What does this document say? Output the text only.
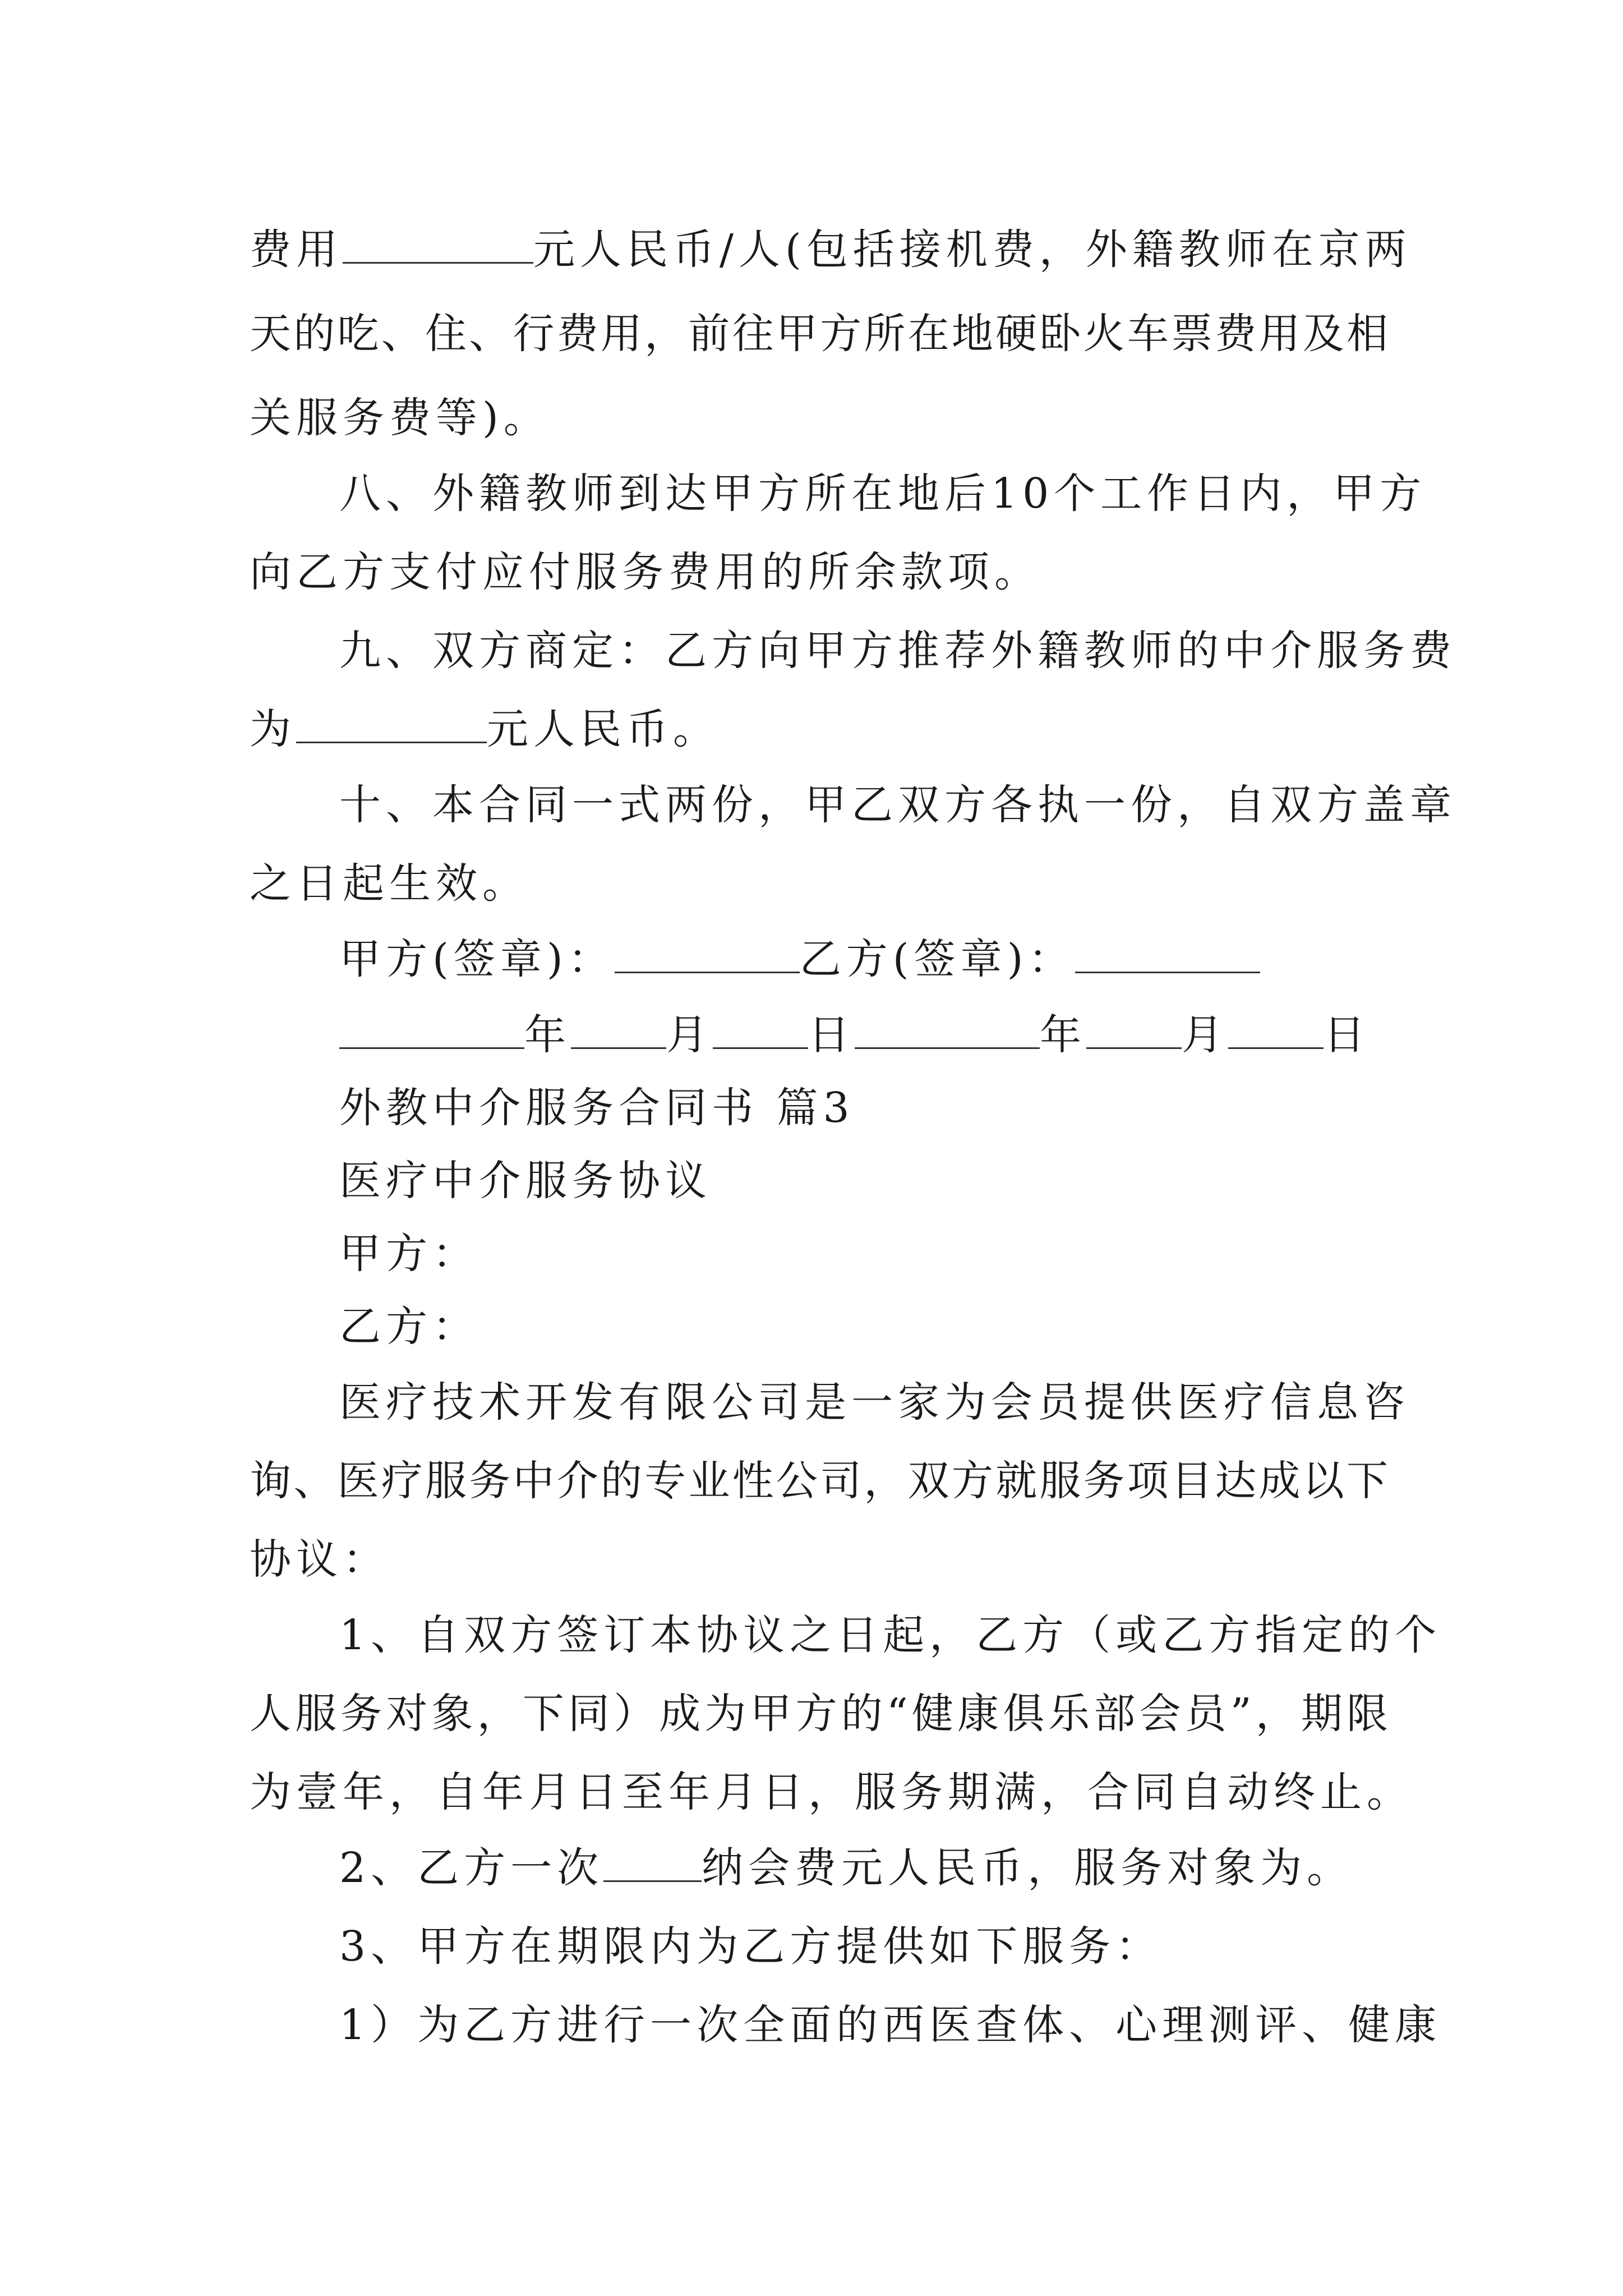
费用	元人民币/人(包括接机费，外籍教师在京两
天的吃、住、行费用，前往甲方所在地硬卧火车票费用及相
关服务费等)。
八、外籍教师到达甲方所在地后10个工作日内，甲方
向乙方支付应付服务费用的所余款项。
九、双方商定：乙方向甲方推荐外籍教师的中介服务费
为	元人民币。
十、本合同一式两份，甲乙双方各执一份，自双方盖章
之日起生效。
甲方(签章)：	乙方(签章)：
年 月 日	年 月 日
外教中介服务合同书 篇3
医疗中介服务协议
甲方：
乙方：
医疗技术开发有限公司是一家为会员提供医疗信息咨
询、医疗服务中介的专业性公司，双方就服务项目达成以下
协议：
1、自双方签订本协议之日起，乙方（或乙方指定的个
人服务对象，下同）成为甲方的“健康俱乐部会员”，期限
为壹年，自年月日至年月日，服务期满，合同自动终止。
2、乙方一次 纳会费元人民币，服务对象为。
3、甲方在期限内为乙方提供如下服务：
1）为乙方进行一次全面的西医查体、心理测评、健康
